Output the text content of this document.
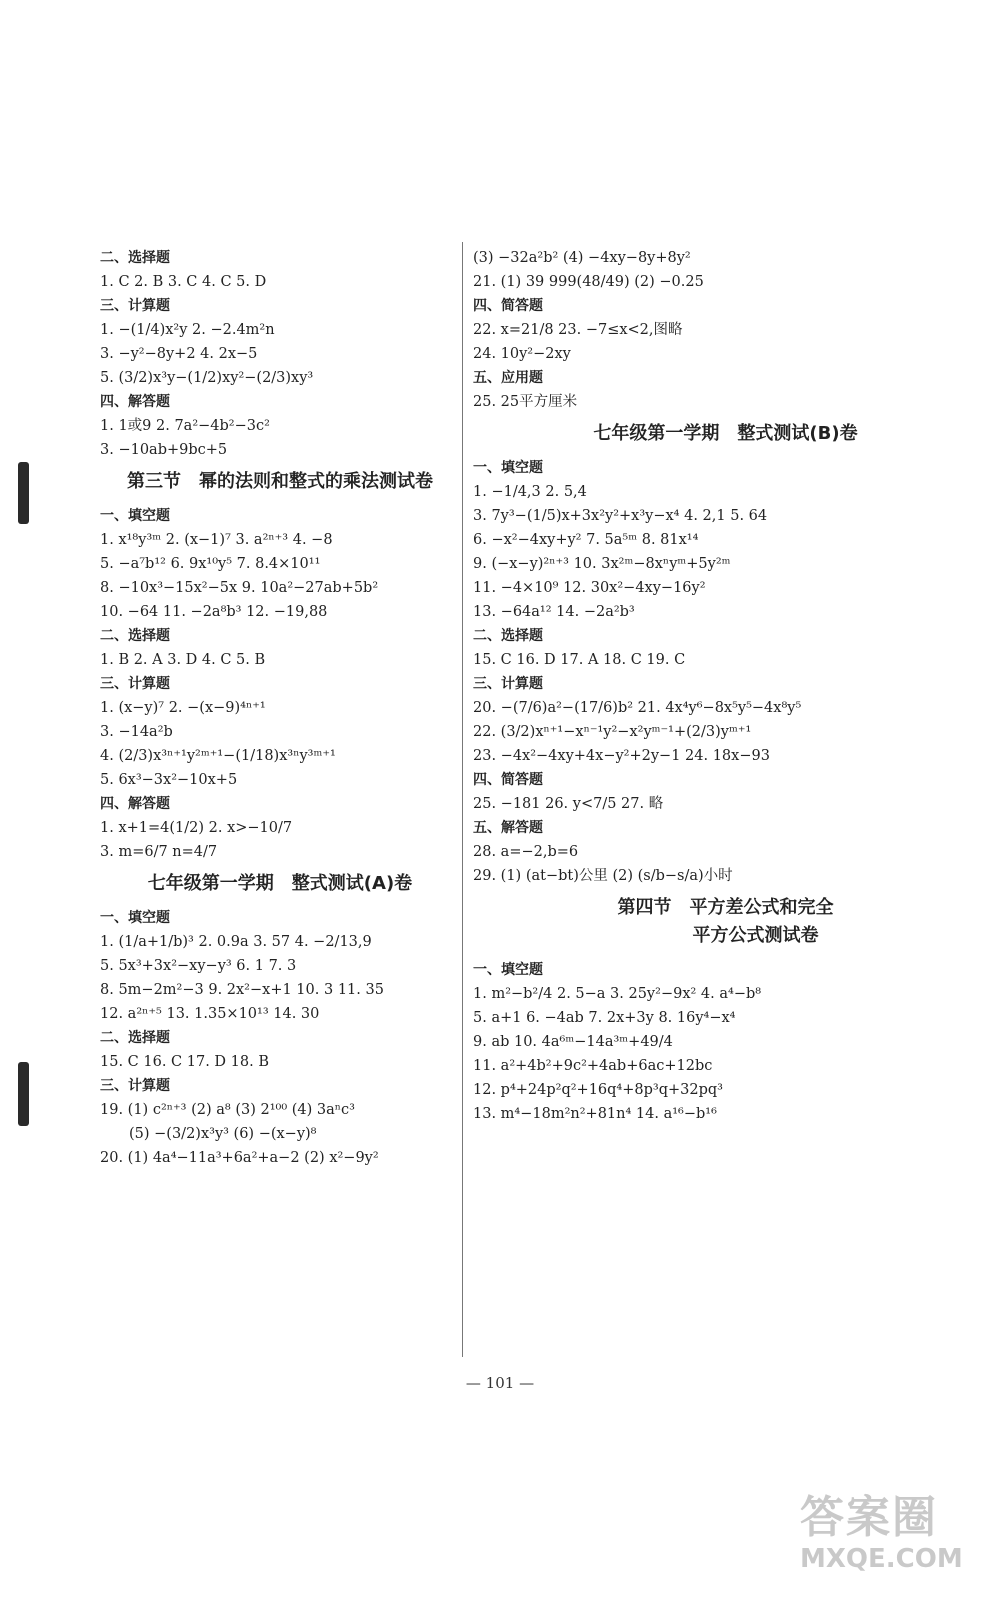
二、选择题
1. C 2. B 3. C 4. C 5. D
三、计算题
1. −(1/4)x²y 2. −2.4m²n
3. −y²−8y+2 4. 2x−5
5. (3/2)x³y−(1/2)xy²−(2/3)xy³
四、解答题
1. 1或9 2. 7a²−4b²−3c²
3. −10ab+9bc+5
第三节　幂的法则和整式的乘法测试卷
一、填空题
1. x¹⁸y³ᵐ 2. (x−1)⁷ 3. a²ⁿ⁺³ 4. −8
5. −a⁷b¹² 6. 9x¹⁰y⁵ 7. 8.4×10¹¹
8. −10x³−15x²−5x 9. 10a²−27ab+5b²
10. −64 11. −2a⁸b³ 12. −19,88
二、选择题
1. B 2. A 3. D 4. C 5. B
三、计算题
1. (x−y)⁷ 2. −(x−9)⁴ⁿ⁺¹
3. −14a²b
4. (2/3)x³ⁿ⁺¹y²ᵐ⁺¹−(1/18)x³ⁿy³ᵐ⁺¹
5. 6x³−3x²−10x+5
四、解答题
1. x+1=4(1/2) 2. x>−10/7
3. m=6/7 n=4/7
七年级第一学期　整式测试(A)卷
一、填空题
1. (1/a+1/b)³ 2. 0.9a 3. 57 4. −2/13,9
5. 5x³+3x²−xy−y³ 6. 1 7. 3
8. 5m−2m²−3 9. 2x²−x+1 10. 3 11. 35
12. a²ⁿ⁺⁵ 13. 1.35×10¹³ 14. 30
二、选择题
15. C 16. C 17. D 18. B
三、计算题
19. (1) c²ⁿ⁺³ (2) a⁸ (3) 2¹⁰⁰ (4) 3aⁿc³
　　(5) −(3/2)x³y³ (6) −(x−y)⁸
20. (1) 4a⁴−11a³+6a²+a−2 (2) x²−9y²
(3) −32a²b² (4) −4xy−8y+8y²
21. (1) 39 999(48/49) (2) −0.25
四、简答题
22. x=21/8 23. −7≤x<2,图略
24. 10y²−2xy
五、应用题
25. 25平方厘米
七年级第一学期　整式测试(B)卷
一、填空题
1. −1/4,3 2. 5,4
3. 7y³−(1/5)x+3x²y²+x³y−x⁴ 4. 2,1 5. 64
6. −x²−4xy+y² 7. 5a⁵ᵐ 8. 81x¹⁴
9. (−x−y)²ⁿ⁺³ 10. 3x²ᵐ−8xⁿyᵐ+5y²ᵐ
11. −4×10⁹ 12. 30x²−4xy−16y²
13. −64a¹² 14. −2a²b³
二、选择题
15. C 16. D 17. A 18. C 19. C
三、计算题
20. −(7/6)a²−(17/6)b² 21. 4x⁴y⁶−8x⁵y⁵−4x⁸y⁵
22. (3/2)xⁿ⁺¹−xⁿ⁻¹y²−x²yᵐ⁻¹+(2/3)yᵐ⁺¹
23. −4x²−4xy+4x−y²+2y−1 24. 18x−93
四、简答题
25. −181 26. y<7/5 27. 略
五、解答题
28. a=−2,b=6
29. (1) (at−bt)公里 (2) (s/b−s/a)小时
第四节　平方差公式和完全
平方公式测试卷
一、填空题
1. m²−b²/4 2. 5−a 3. 25y²−9x² 4. a⁴−b⁸
5. a+1 6. −4ab 7. 2x+3y 8. 16y⁴−x⁴
9. ab 10. 4a⁶ᵐ−14a³ᵐ+49/4
11. a²+4b²+9c²+4ab+6ac+12bc
12. p⁴+24p²q²+16q⁴+8p³q+32pq³
13. m⁴−18m²n²+81n⁴ 14. a¹⁶−b¹⁶
— 101 —
答案圈
MXQE.COM
